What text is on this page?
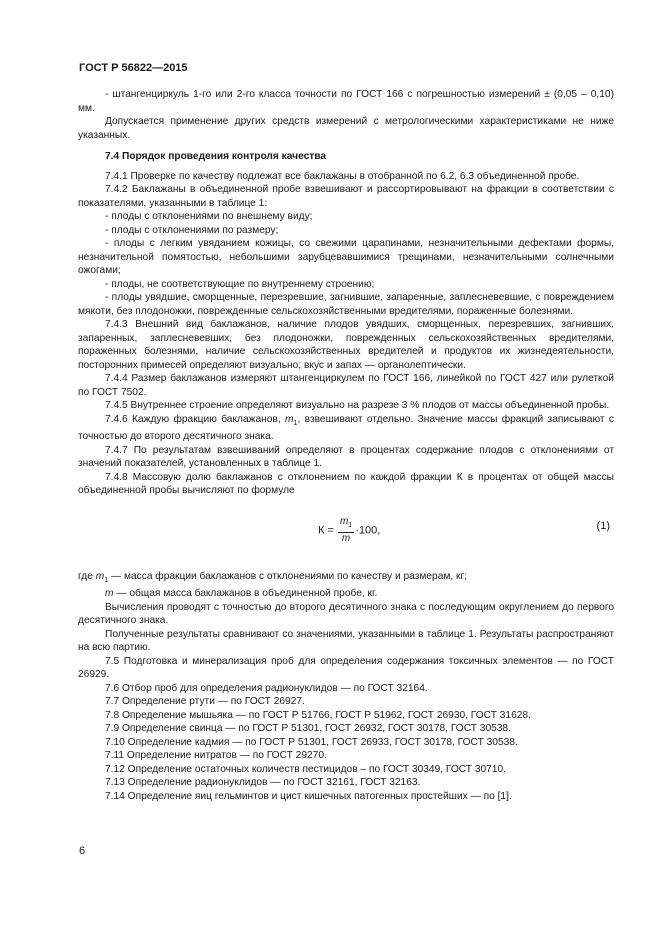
ГОСТ Р 56822—2015

- штангенциркуль 1-го или 2-го класса точности по ГОСТ 166 с погрешностью измерений ± (0,05 – 0,10) мм.

Допускается применение других средств измерений с метрологическими характеристиками не ниже указанных.

7.4 Порядок проведения контроля качества

7.4.1 Проверке по качеству подлежат все баклажаны в отобранной по 6.2, 6.3 объединенной пробе.

7.4.2 Баклажаны в объединенной пробе взвешивают и рассортировывают на фракции в соответствии с показателями, указанными в таблице 1:

- плоды с отклонениями по внешнему виду;

- плоды с отклонениями по размеру;

- плоды с легким увяданием кожицы, со свежими царапинами, незначительными дефектами формы, незначительной помятостью, небольшими зарубцевавшимися трещинами, незначительными солнечными ожогами;

- плоды, не соответствующие по внутреннему строению;

- плоды увядшие, сморщенные, перезревшие, загнившие, запаренные, заплесневевшие, с повреждением мякоти, без плодоножки, поврежденные сельскохозяйственными вредителями, пораженные болезнями.

7.4.3 Внешний вид баклажанов, наличие плодов увядших, сморщенных, перезревших, загнивших, запаренных, заплесневевших, без плодоножки, поврежденных сельскохозяйственных вредителями, пораженных болезнями, наличие сельскохозяйственных вредителей и продуктов их жизнедеятельности, посторонних примесей определяют визуально; вкус и запах — органолептически.

7.4.4 Размер баклажанов измеряют штангенциркулем по ГОСТ 166, линейкой по ГОСТ 427 или рулеткой по ГОСТ 7502.

7.4.5 Внутреннее строение определяют визуально на разрезе 3 % плодов от массы объединенной пробы.

7.4.6 Каждую фракцию баклажанов, $m_1$, взвешивают отдельно. Значение массы фракций записывают с точностью до второго десятичного знака.

7.4.7 По результатам взвешиваний определяют в процентах содержание плодов с отклонениями от значений показателей, установленных в таблице 1.

7.4.8 Массовую долю баклажанов с отклонением по каждой фракции К в процентах от общей массы объединенной пробы вычисляют по формуле

$К = \frac{m_1}{m} \cdot 100$,	(1)

где $m_1$ — масса фракции баклажанов с отклонениями по качеству и размерам, кг;

m — общая масса баклажанов в объединенной пробе, кг.

Вычисления проводят с точностью до второго десятичного знака с последующим округлением до первого десятичного знака.

Полученные результаты сравнивают со значениями, указанными в таблице 1. Результаты распространяют на всю партию.

7.5 Подготовка и минерализация проб для определения содержания токсичных элементов — по ГОСТ 26929.

7.6 Отбор проб для определения радионуклидов — по ГОСТ 32164.

7.7 Определение ртути — по ГОСТ 26927.

7.8 Определение мышьяка — по ГОСТ Р 51766, ГОСТ Р 51962, ГОСТ 26930, ГОСТ 31628.

7.9 Определение свинца — по ГОСТ Р 51301, ГОСТ 26932, ГОСТ 30178, ГОСТ 30538.

7.10 Определение кадмия — по ГОСТ Р 51301, ГОСТ 26933, ГОСТ 30178, ГОСТ 30538.

7.11 Определение нитратов — по ГОСТ 29270.

7.12 Определение остаточных количеств пестицидов – по ГОСТ 30349, ГОСТ 30710.

7.13 Определение радионуклидов — по ГОСТ 32161, ГОСТ 32163.

7.14 Определение яиц гельминтов и цист кишечных патогенных простейших — по [1].

6
